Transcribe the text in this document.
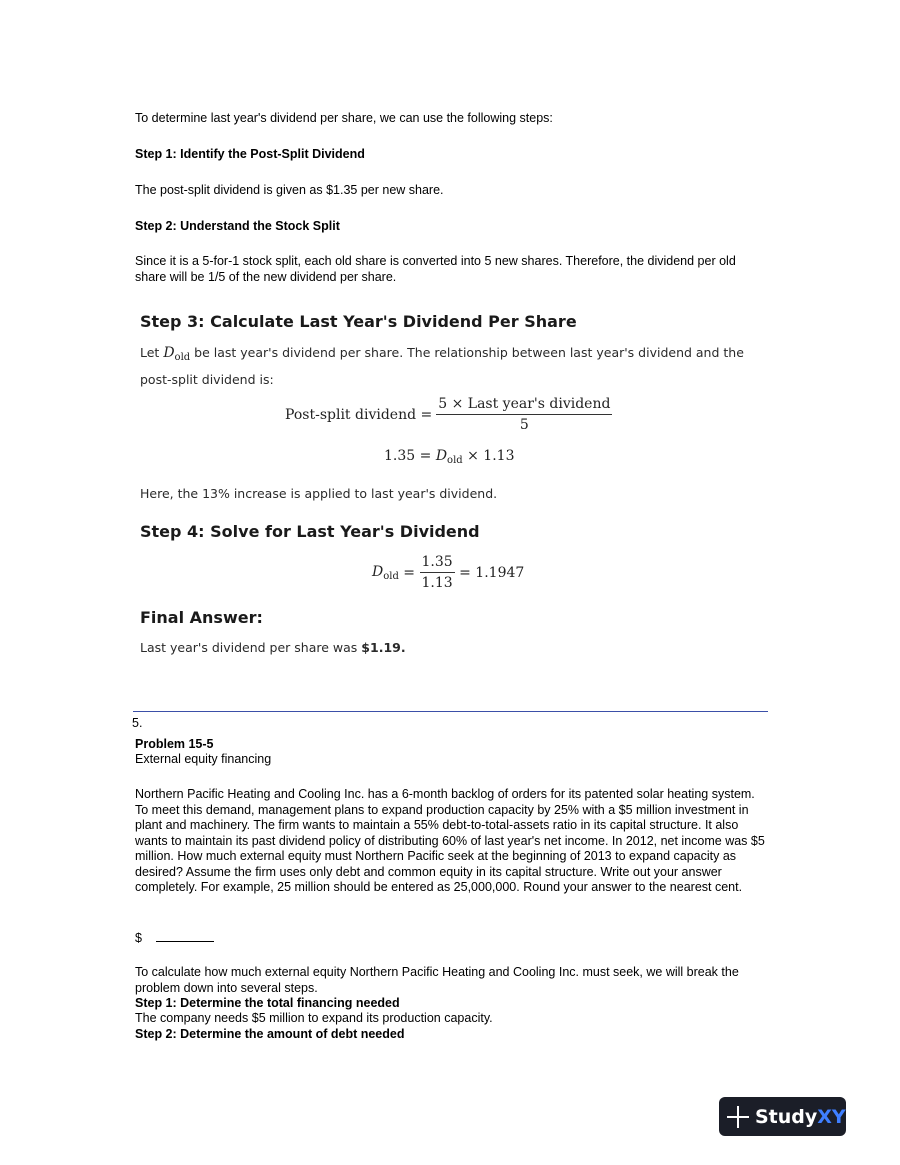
To determine last year's dividend per share, we can use the following steps:
Step 1: Identify the Post-Split Dividend
The post-split dividend is given as $1.35 per new share.
Step 2: Understand the Stock Split
Since it is a 5-for-1 stock split, each old share is converted into 5 new shares. Therefore, the dividend per old share will be 1/5 of the new dividend per share.
Step 3: Calculate Last Year's Dividend Per Share
Let $D_{old}$ be last year's dividend per share. The relationship between last year's dividend and the post-split dividend is:
Post-split dividend = $\frac{\text{5 × Last year's dividend}}{5}$
$1.35 = D_{old} \times 1.13$
Here, the 13% increase is applied to last year's dividend.
Step 4: Solve for Last Year's Dividend
$D_{old} = \frac{1.35}{1.13} = 1.1947$
Final Answer:
Last year's dividend per share was $1.19.
5.
Problem 15-5
External equity financing
Northern Pacific Heating and Cooling Inc. has a 6-month backlog of orders for its patented solar heating system. To meet this demand, management plans to expand production capacity by 25% with a $5 million investment in plant and machinery. The firm wants to maintain a 55% debt-to-total-assets ratio in its capital structure. It also wants to maintain its past dividend policy of distributing 60% of last year's net income. In 2012, net income was $5 million. How much external equity must Northern Pacific seek at the beginning of 2013 to expand capacity as desired? Assume the firm uses only debt and common equity in its capital structure. Write out your answer completely. For example, 25 million should be entered as 25,000,000. Round your answer to the nearest cent.
$
To calculate how much external equity Northern Pacific Heating and Cooling Inc. must seek, we will break the problem down into several steps.
Step 1: Determine the total financing needed
The company needs $5 million to expand its production capacity.
Step 2: Determine the amount of debt needed
Study XY
